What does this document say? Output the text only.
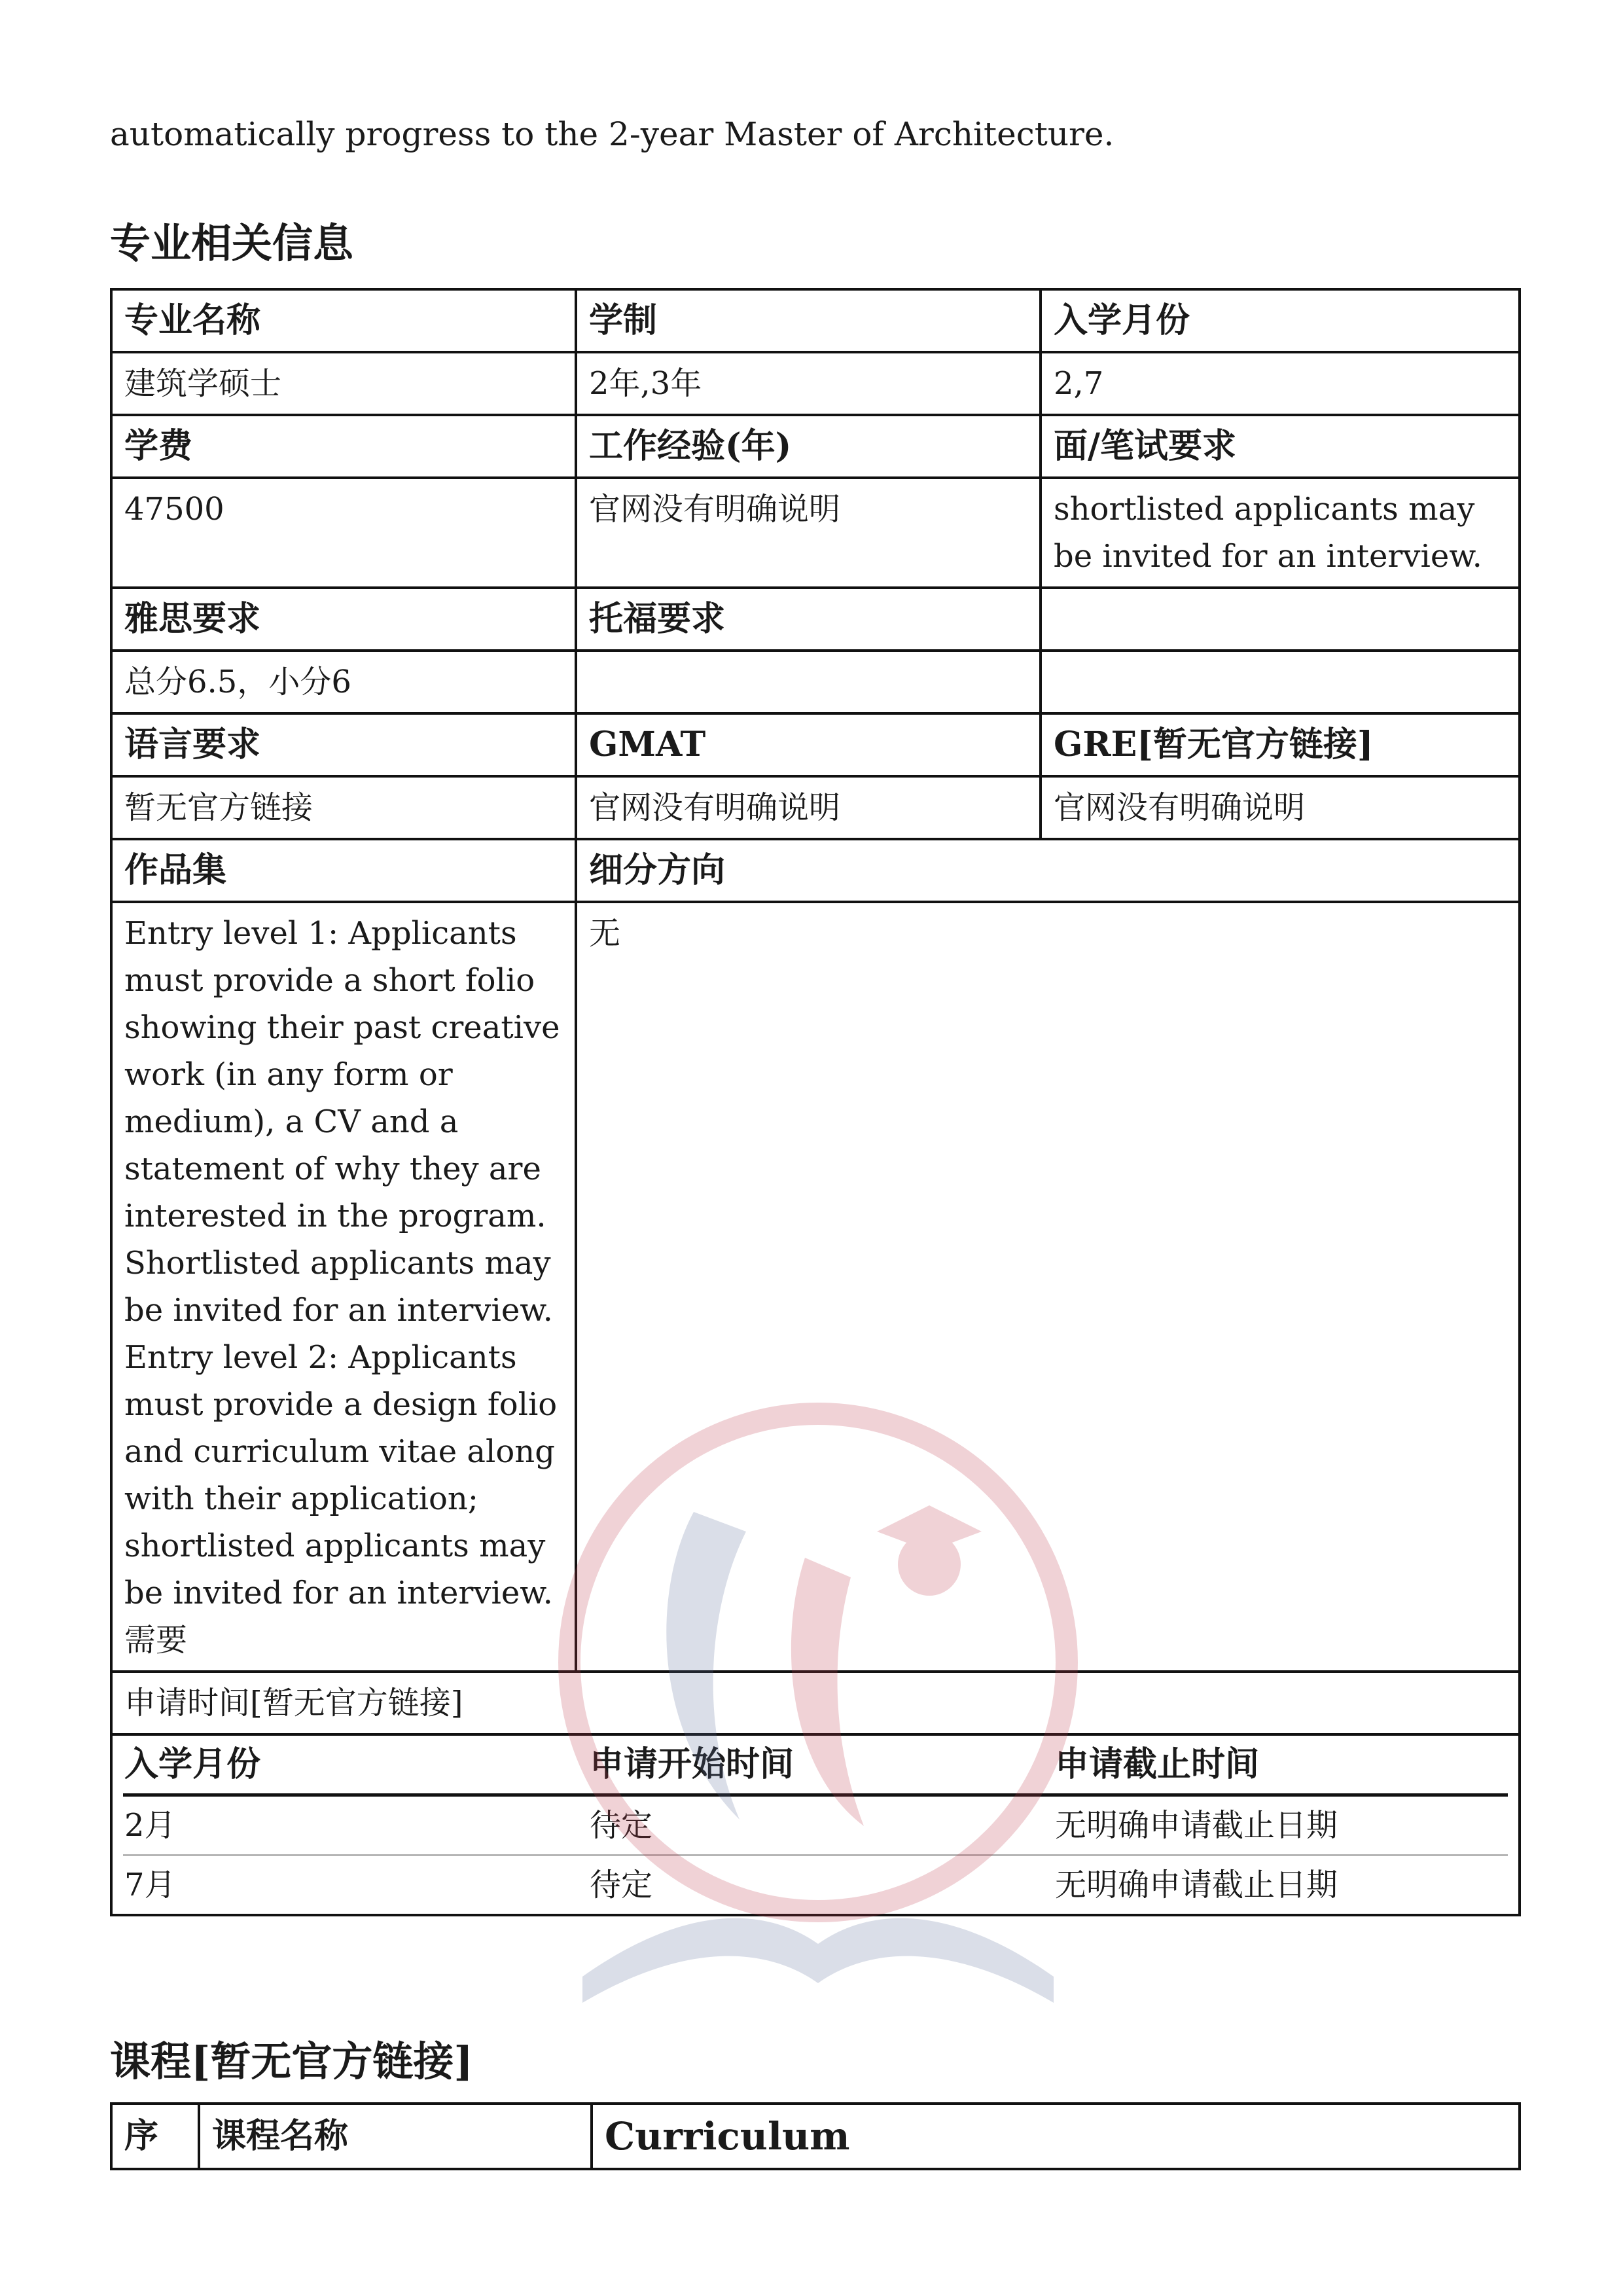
automatically progress to the 2-year Master of Architecture.
专业相关信息
专业名称	学制	入学月份
建筑学硕士	2年,3年	2,7
学费	工作经验(年)	面/笔试要求
47500	官网没有明确说明	shortlisted applicants may be invited for an interview.
雅思要求	托福要求	
总分6.5，小分6		
语言要求	GMAT	GRE[暂无官方链接]
暂无官方链接	官网没有明确说明	官网没有明确说明
作品集	细分方向

Entry level 1: Applicants
must provide a short folio
showing their past creative
work (in any form or
medium), a CV and a
statement of why they are
interested in the program.
Shortlisted applicants may
be invited for an interview.
Entry level 2: Applicants
must provide a design folio
and curriculum vitae along
with their application;
shortlisted applicants may
be invited for an interview.
需要
	无
申请时间[暂无官方链接]

入学月份	申请开始时间	申请截止时间
2月	待定	无明确申请截止日期
7月	待定	无明确申请截止日期
课程[暂无官方链接]
序	课程名称	Curriculum
